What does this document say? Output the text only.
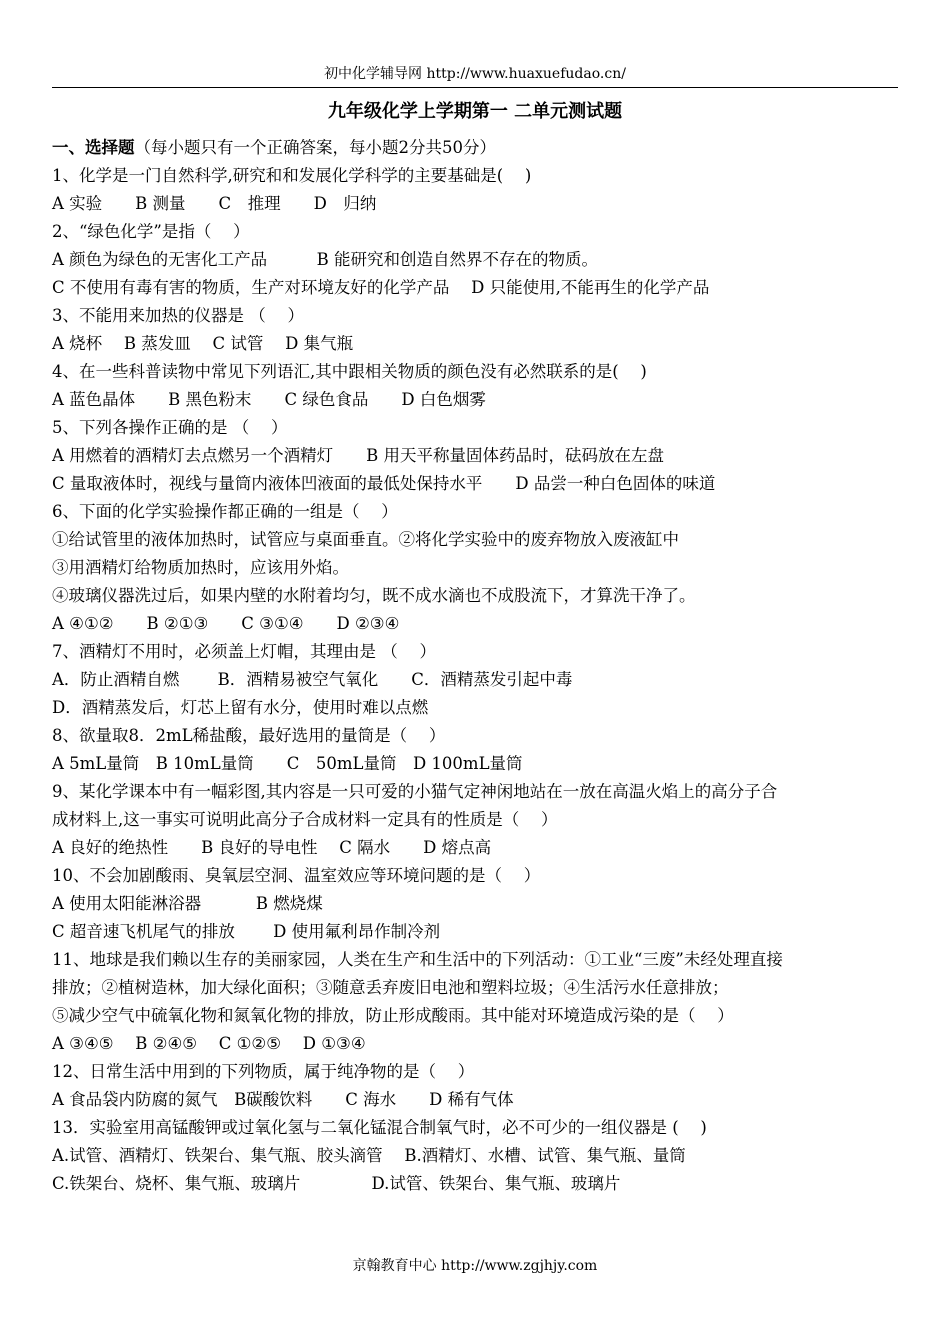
初中化学辅导网 http://www.huaxuefudao.cn/
九年级化学上学期第一 二单元测试题
一、选择题（每小题只有一个正确答案，每小题2分共50分）
1、化学是一门自然科学,研究和和发展化学科学的主要基础是(　 )
A 实验　　B 测量　　C　推理　　D　归纳
2、“绿色化学”是指（　 ）
A 颜色为绿色的无害化工产品　　　B 能研究和创造自然界不存在的物质。
C 不使用有毒有害的物质，生产对环境友好的化学产品　 D 只能使用,不能再生的化学产品
3、不能用来加热的仪器是 （　 ）
A 烧杯　 B 蒸发皿　 C 试管　 D 集气瓶
4、在一些科普读物中常见下列语汇,其中跟相关物质的颜色没有必然联系的是(　 )
A 蓝色晶体　　B 黑色粉末　　C 绿色食品　　D 白色烟雾
5、下列各操作正确的是 （　 ）
A 用燃着的酒精灯去点燃另一个酒精灯　　B 用天平称量固体药品时，砝码放在左盘
C 量取液体时，视线与量筒内液体凹液面的最低处保持水平　　D 品尝一种白色固体的味道
6、下面的化学实验操作都正确的一组是（　 ）
①给试管里的液体加热时，试管应与桌面垂直。②将化学实验中的废弃物放入废液缸中
③用酒精灯给物质加热时，应该用外焰。
④玻璃仪器洗过后，如果内壁的水附着均匀，既不成水滴也不成股流下，才算洗干净了。
A ④①②　　B ②①③　　C ③①④　　D ②③④
7、酒精灯不用时，必须盖上灯帽，其理由是 （　 ）
A．防止酒精自燃　　 B．酒精易被空气氧化　　C．酒精蒸发引起中毒
D．酒精蒸发后，灯芯上留有水分，使用时难以点燃
8、欲量取8．2mL稀盐酸，最好选用的量筒是（　 ）
A 5mL量筒　B 10mL量筒　　C　50mL量筒　D 100mL量筒
9、某化学课本中有一幅彩图,其内容是一只可爱的小猫气定神闲地站在一放在高温火焰上的高分子合
成材料上,这一事实可说明此高分子合成材料一定具有的性质是（　 ）
A 良好的绝热性　　B 良好的导电性　 C 隔水　　D 熔点高
10、不会加剧酸雨、臭氧层空洞、温室效应等环境问题的是（　 ）
A 使用太阳能淋浴器　　　 B 燃烧煤
C 超音速飞机尾气的排放　　 D 使用氟利昂作制冷剂
11、地球是我们赖以生存的美丽家园，人类在生产和生活中的下列活动：①工业“三废”未经处理直接
排放；②植树造林，加大绿化面积；③随意丢弃废旧电池和塑料垃圾；④生活污水任意排放；
⑤减少空气中硫氧化物和氮氧化物的排放，防止形成酸雨。其中能对环境造成污染的是（　 ）
A ③④⑤　 B ②④⑤　 C ①②⑤　 D ①③④
12、日常生活中用到的下列物质，属于纯净物的是（　 ）
A 食品袋内防腐的氮气　B碳酸饮料　　C 海水　　D 稀有气体
13．实验室用高锰酸钾或过氧化氢与二氧化锰混合制氧气时，必不可少的一组仪器是 (　 )
A.试管、酒精灯、铁架台、集气瓶、胶头滴管　 B.酒精灯、水槽、试管、集气瓶、量筒
C.铁架台、烧杯、集气瓶、玻璃片　　　　 D.试管、铁架台、集气瓶、玻璃片
京翰教育中心 http://www.zgjhjy.com
